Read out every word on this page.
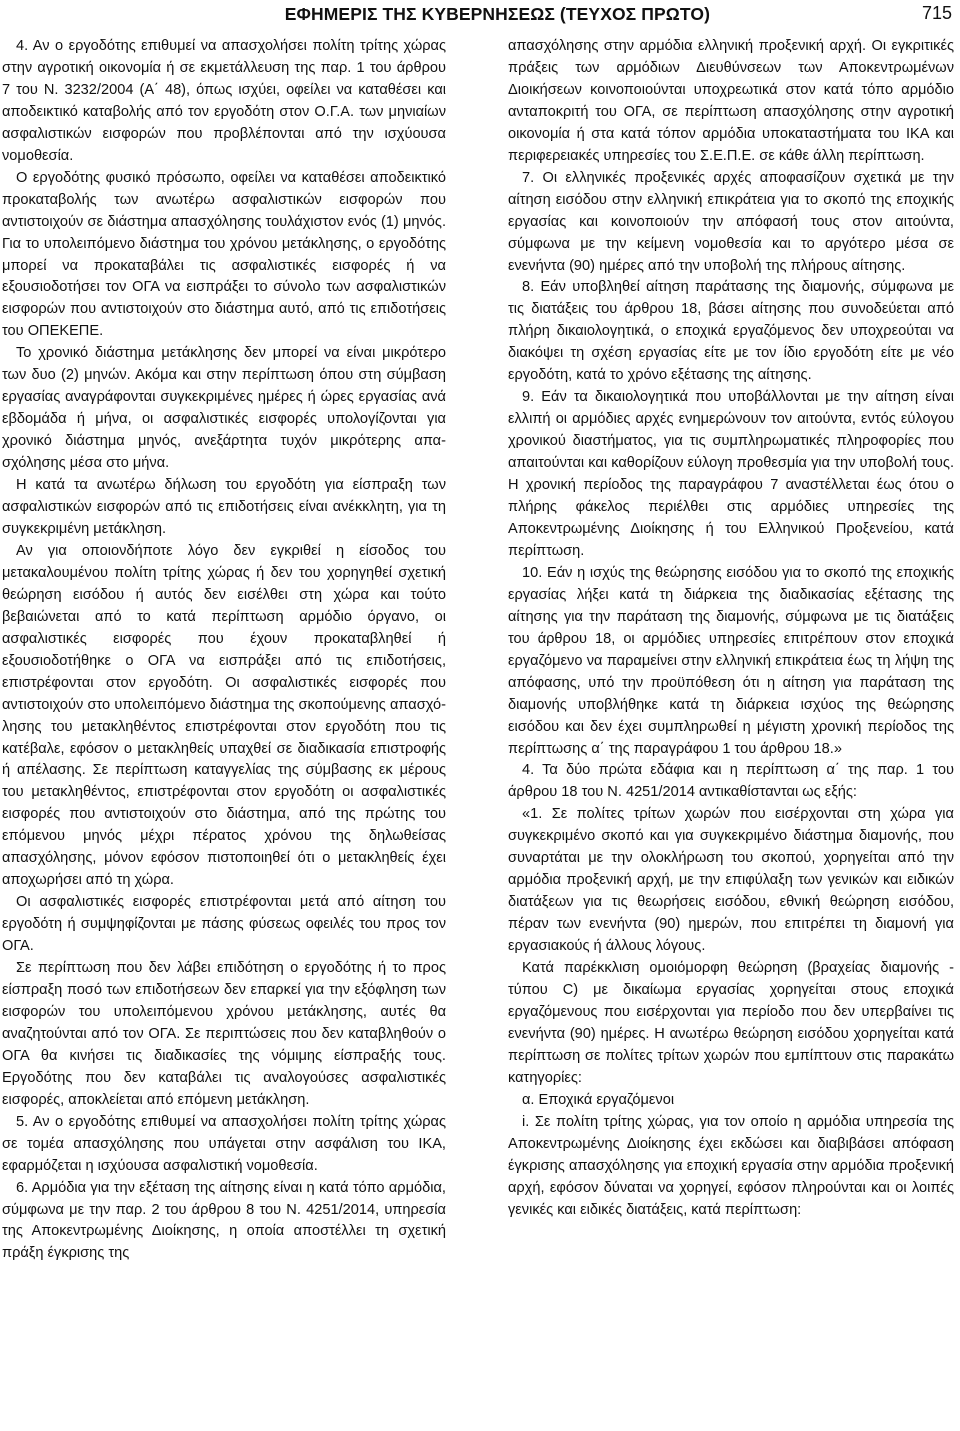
ΕΦΗΜΕΡΙΣ ΤΗΣ ΚΥΒΕΡΝΗΣΕΩΣ (ΤΕΥΧΟΣ ΠΡΩΤΟ)	715

4. Αν ο εργοδότης επιθυμεί να απασχολήσει πολίτη τρίτης χώρας στην αγροτική οικονομία ή σε εκμετάλλευση της παρ. 1 του άρθρου 7 του Ν. 3232/2004 (Α΄ 48), όπως ισχύει, οφείλει να καταθέσει και αποδεικτικό καταβολής από τον εργοδότη στον Ο.Γ.Α. των μηνιαίων ασφαλιστικών εισφορών που προβλέπονται από την ισχύουσα νομοθεσία.

Ο εργοδότης φυσικό πρόσωπο, οφείλει να καταθέσει αποδεικτικό προκαταβολής των ανωτέρω ασφαλιστικών εισφορών που αντιστοιχούν σε διάστημα απασχόλησης τουλάχιστον ενός (1) μηνός. Για το υπολειπόμενο διάστημα του χρόνου μετάκλησης, ο εργοδότης μπορεί να προκαταβάλει τις ασφαλιστικές εισφορές ή να εξουσιοδοτήσει τον ΟΓΑ να εισπράξει το σύνολο των ασφαλιστικών εισφορών που αντιστοιχούν στο διάστημα αυτό, από τις επιδοτήσεις του ΟΠΕΚΕΠΕ.

Το χρονικό διάστημα μετάκλησης δεν μπορεί να είναι μικρότερο των δυο (2) μηνών. Ακόμα και στην περίπτωση όπου στη σύμβαση εργασίας αναγράφονται συγκεκριμένες ημέρες ή ώρες εργασίας ανά εβδομάδα ή μήνα, οι ασφαλιστικές εισφορές υπολογίζονται για χρονικό διάστημα μηνός, ανεξάρτητα τυχόν μικρότερης απασχόλησης μέσα στο μήνα.

Η κατά τα ανωτέρω δήλωση του εργοδότη για είσπραξη των ασφαλιστικών εισφορών από τις επιδοτήσεις είναι ανέκκλητη, για τη συγκεκριμένη μετάκληση.

Αν για οποιονδήποτε λόγο δεν εγκριθεί η είσοδος του μετακαλουμένου πολίτη τρίτης χώρας ή δεν του χορηγηθεί σχετική θεώρηση εισόδου ή αυτός δεν εισέλθει στη χώρα και τούτο βεβαιώνεται από το κατά περίπτωση αρμόδιο όργανο, οι ασφαλιστικές εισφορές που έχουν προκαταβληθεί ή εξουσιοδοτήθηκε ο ΟΓΑ να εισπράξει από τις επιδοτήσεις, επιστρέφονται στον εργοδότη. Οι ασφαλιστικές εισφορές που αντιστοιχούν στο υπολειπόμενο διάστημα της σκοπούμενης απασχόλησης του μετακληθέντος επιστρέφονται στον εργοδότη που τις κατέβαλε, εφόσον ο μετακληθείς υπαχθεί σε διαδικασία επιστροφής ή απέλασης. Σε περίπτωση καταγγελίας της σύμβασης εκ μέρους του μετακληθέντος, επιστρέφονται στον εργοδότη οι ασφαλιστικές εισφορές που αντιστοιχούν στο διάστημα, από της πρώτης του επόμενου μηνός μέχρι πέρατος χρόνου της δηλωθείσας απασχόλησης, μόνον εφόσον πιστοποιηθεί ότι ο μετακληθείς έχει αποχωρήσει από τη χώρα.

Οι ασφαλιστικές εισφορές επιστρέφονται μετά από αίτηση του εργοδότη ή συμψηφίζονται με πάσης φύσεως οφειλές του προς τον ΟΓΑ.

Σε περίπτωση που δεν λάβει επιδότηση ο εργοδότης ή το προς είσπραξη ποσό των επιδοτήσεων δεν επαρκεί για την εξόφληση των εισφορών του υπολειπόμενου χρόνου μετάκλησης, αυτές θα αναζητούνται από τον ΟΓΑ. Σε περιπτώσεις που δεν καταβληθούν ο ΟΓΑ θα κινήσει τις διαδικασίες της νόμιμης είσπραξής τους. Εργοδότης που δεν καταβάλει τις αναλογούσες ασφαλιστικές εισφορές, αποκλείεται από επόμενη μετάκληση.

5. Αν ο εργοδότης επιθυμεί να απασχολήσει πολίτη τρίτης χώρας σε τομέα απασχόλησης που υπάγεται στην ασφάλιση του ΙΚΑ, εφαρμόζεται η ισχύουσα ασφαλιστική νομοθεσία.

6. Αρμόδια για την εξέταση της αίτησης είναι η κατά τόπο αρμόδια, σύμφωνα με την παρ. 2 του άρθρου 8 του Ν. 4251/2014, υπηρεσία της Αποκεντρωμένης Διοίκησης, η οποία αποστέλλει τη σχετική πράξη έγκρισης της

απασχόλησης στην αρμόδια ελληνική προξενική αρχή. Οι εγκριτικές πράξεις των αρμόδιων Διευθύνσεων των Αποκεντρωμένων Διοικήσεων κοινοποιούνται υποχρεωτικά στον κατά τόπο αρμόδιο ανταποκριτή του ΟΓΑ, σε περίπτωση απασχόλησης στην αγροτική οικονομία ή στα κατά τόπον αρμόδια υποκαταστήματα του ΙΚΑ και περιφερειακές υπηρεσίες του Σ.Ε.Π.Ε. σε κάθε άλλη περίπτωση.

7. Οι ελληνικές προξενικές αρχές αποφασίζουν σχετικά με την αίτηση εισόδου στην ελληνική επικράτεια για το σκοπό της εποχικής εργασίας και κοινοποιούν την απόφασή τους στον αιτούντα, σύμφωνα με την κείμενη νομοθεσία και το αργότερο μέσα σε ενενήντα (90) ημέρες από την υποβολή της πλήρους αίτησης.

8. Εάν υποβληθεί αίτηση παράτασης της διαμονής, σύμφωνα με τις διατάξεις του άρθρου 18, βάσει αίτησης που συνοδεύεται από πλήρη δικαιολογητικά, ο εποχικά εργαζόμενος δεν υποχρεούται να διακόψει τη σχέση εργασίας είτε με τον ίδιο εργοδότη είτε με νέο εργοδότη, κατά το χρόνο εξέτασης της αίτησης.

9. Εάν τα δικαιολογητικά που υποβάλλονται με την αίτηση είναι ελλιπή οι αρμόδιες αρχές ενημερώνουν τον αιτούντα, εντός εύλογου χρονικού διαστήματος, για τις συμπληρωματικές πληροφορίες που απαιτούνται και καθορίζουν εύλογη προθεσμία για την υποβολή τους. Η χρονική περίοδος της παραγράφου 7 αναστέλλεται έως ότου ο πλήρης φάκελος περιέλθει στις αρμόδιες υπηρεσίες της Αποκεντρωμένης Διοίκησης ή του Ελληνικού Προξενείου, κατά περίπτωση.

10. Εάν η ισχύς της θεώρησης εισόδου για το σκοπό της εποχικής εργασίας λήξει κατά τη διάρκεια της διαδικασίας εξέτασης της αίτησης για την παράταση της διαμονής, σύμφωνα με τις διατάξεις του άρθρου 18, οι αρμόδιες υπηρεσίες επιτρέπουν στον εποχικά εργαζόμενο να παραμείνει στην ελληνική επικράτεια έως τη λήψη της απόφασης, υπό την προϋπόθεση ότι η αίτηση για παράταση της διαμονής υποβλήθηκε κατά τη διάρκεια ισχύος της θεώρησης εισόδου και δεν έχει συμπληρωθεί η μέγιστη χρονική περίοδος της περίπτωσης α΄ της παραγράφου 1 του άρθρου 18.»

4. Τα δύο πρώτα εδάφια και η περίπτωση α΄ της παρ. 1 του άρθρου 18 του Ν. 4251/2014 αντικαθίστανται ως εξής:

«1. Σε πολίτες τρίτων χωρών που εισέρχονται στη χώρα για συγκεκριμένο σκοπό και για συγκεκριμένο διάστημα διαμονής, που συναρτάται με την ολοκλήρωση του σκοπού, χορηγείται από την αρμόδια προξενική αρχή, με την επιφύλαξη των γενικών και ειδικών διατάξεων για τις θεωρήσεις εισόδου, εθνική θεώρηση εισόδου, πέραν των ενενήντα (90) ημερών, που επιτρέπει τη διαμονή για εργασιακούς ή άλλους λόγους.

Κατά παρέκκλιση ομοιόμορφη θεώρηση (βραχείας διαμονής - τύπου C) με δικαίωμα εργασίας χορηγείται στους εποχικά εργαζόμενους που εισέρχονται για περίοδο που δεν υπερβαίνει τις ενενήντα (90) ημέρες. Η ανωτέρω θεώρηση εισόδου χορηγείται κατά περίπτωση σε πολίτες τρίτων χωρών που εμπίπτουν στις παρακάτω κατηγορίες:

α. Εποχικά εργαζόμενοι

i. Σε πολίτη τρίτης χώρας, για τον οποίο η αρμόδια υπηρεσία της Αποκεντρωμένης Διοίκησης έχει εκδώσει και διαβιβάσει απόφαση έγκρισης απασχόλησης για εποχική εργασία στην αρμόδια προξενική αρχή, εφόσον δύναται να χορηγεί, εφόσον πληρούνται και οι λοιπές γενικές και ειδικές διατάξεις, κατά περίπτωση:
